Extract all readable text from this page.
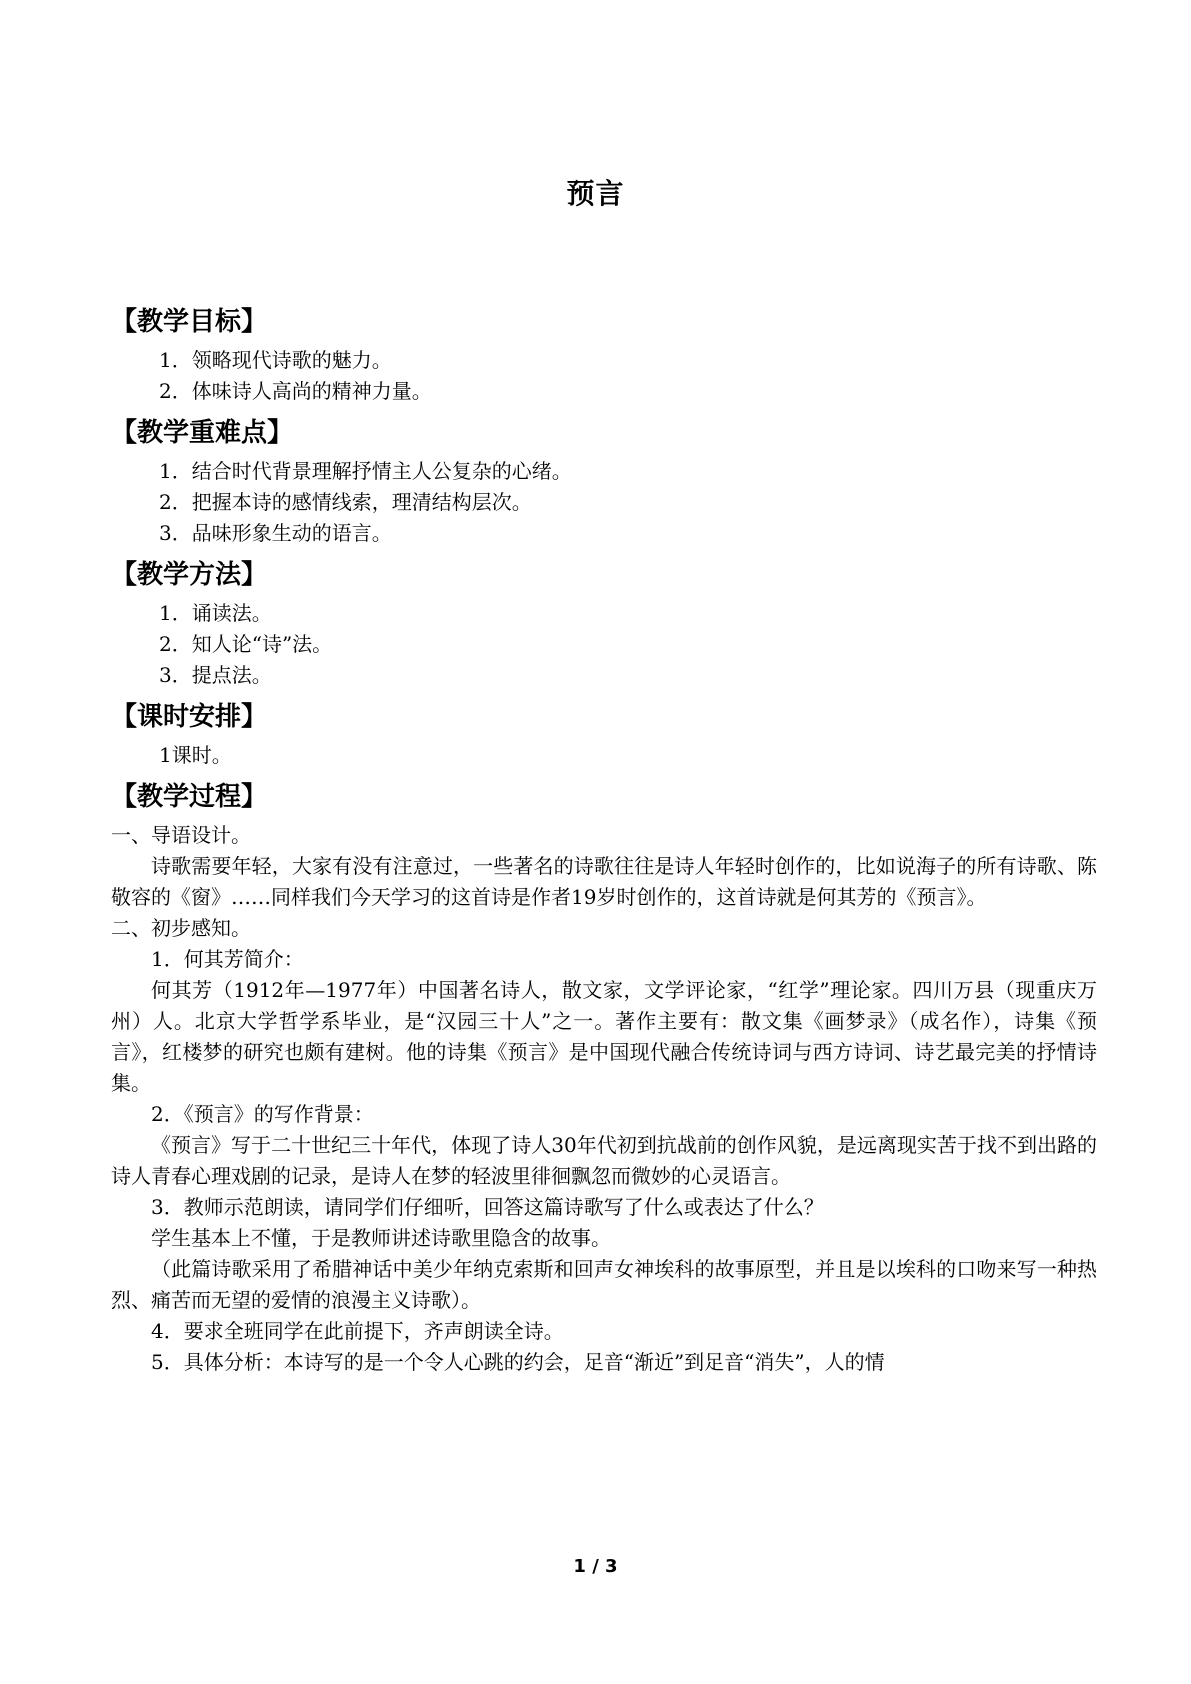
预言
【教学目标】
1．领略现代诗歌的魅力。
2．体味诗人高尚的精神力量。
【教学重难点】
1．结合时代背景理解抒情主人公复杂的心绪。
2．把握本诗的感情线索，理清结构层次。
3．品味形象生动的语言。
【教学方法】
1．诵读法。
2．知人论“诗”法。
3．提点法。
【课时安排】
1课时。
【教学过程】

一、导语设计。

诗歌需要年轻，大家有没有注意过，一些著名的诗歌往往是诗人年轻时创作的，比如说海子的所有诗歌、陈敬容的《窗》……同样我们今天学习的这首诗是作者19岁时创作的，这首诗就是何其芳的《预言》。

二、初步感知。

1．何其芳简介：

何其芳（1912年—1977年）中国著名诗人，散文家，文学评论家，“红学”理论家。四川万县（现重庆万州）人。北京大学哲学系毕业，是“汉园三十人”之一。著作主要有：散文集《画梦录》（成名作），诗集《预言》，红楼梦的研究也颇有建树。他的诗集《预言》是中国现代融合传统诗词与西方诗词、诗艺最完美的抒情诗集。

2．《预言》的写作背景：

《预言》写于二十世纪三十年代，体现了诗人30年代初到抗战前的创作风貌，是远离现实苦于找不到出路的诗人青春心理戏剧的记录，是诗人在梦的轻波里徘徊飘忽而微妙的心灵语言。

3．教师示范朗读，请同学们仔细听，回答这篇诗歌写了什么或表达了什么？

学生基本上不懂，于是教师讲述诗歌里隐含的故事。

（此篇诗歌采用了希腊神话中美少年纳克索斯和回声女神埃科的故事原型，并且是以埃科的口吻来写一种热烈、痛苦而无望的爱情的浪漫主义诗歌）。

4．要求全班同学在此前提下，齐声朗读全诗。

5．具体分析：本诗写的是一个令人心跳的约会，足音“渐近”到足音“消失”，人的情

1 / 3
